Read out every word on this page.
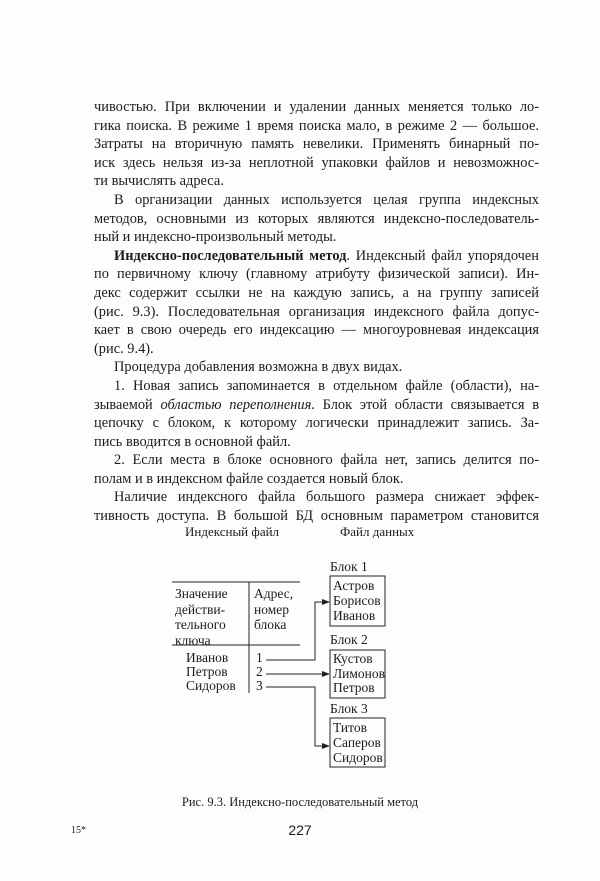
чивостью. При включении и удалении данных меняется только ло-
гика поиска. В режиме 1 время поиска мало, в режиме 2 — большое.
Затраты на вторичную память невелики. Применять бинарный по-
иск здесь нельзя из-за неплотной упаковки файлов и невозможнос-
ти вычислять адреса.

В организации данных используется целая группа индексных
методов, основными из которых являются индексно-последователь-
ный и индексно-произвольный методы.

Индексно-последовательный метод. Индексный файл упорядочен
по первичному ключу (главному атрибуту физической записи). Ин-
декс содержит ссылки не на каждую запись, а на группу записей
(рис. 9.3). Последовательная организация индексного файла допус-
кает в свою очередь его индексацию — многоуровневая индексация
(рис. 9.4).

Процедура добавления возможна в двух видах.

1. Новая запись запоминается в отдельном файле (области), на-
зываемой областью переполнения. Блок этой области связывается в
цепочку с блоком, к которому логически принадлежит запись. За-
пись вводится в основной файл.

2. Если места в блоке основного файла нет, запись делится по-
полам и в индексном файле создается новый блок.

Наличие индексного файла большого размера снижает эффек-
тивность доступа. В большой БД основным параметром становится

Индексный файл	Файл данных
Значение
действи-
тельного
ключа
Адрес,
номер
блока
Иванов
Петров
Сидоров
1
2
3
Блок 1
Астров
Борисов
Иванов
Блок 2
Кустов
Лимонов
Петров
Блок 3
Титов
Саперов
Сидоров
Рис. 9.3. Индексно-последовательный метод
15*	227
